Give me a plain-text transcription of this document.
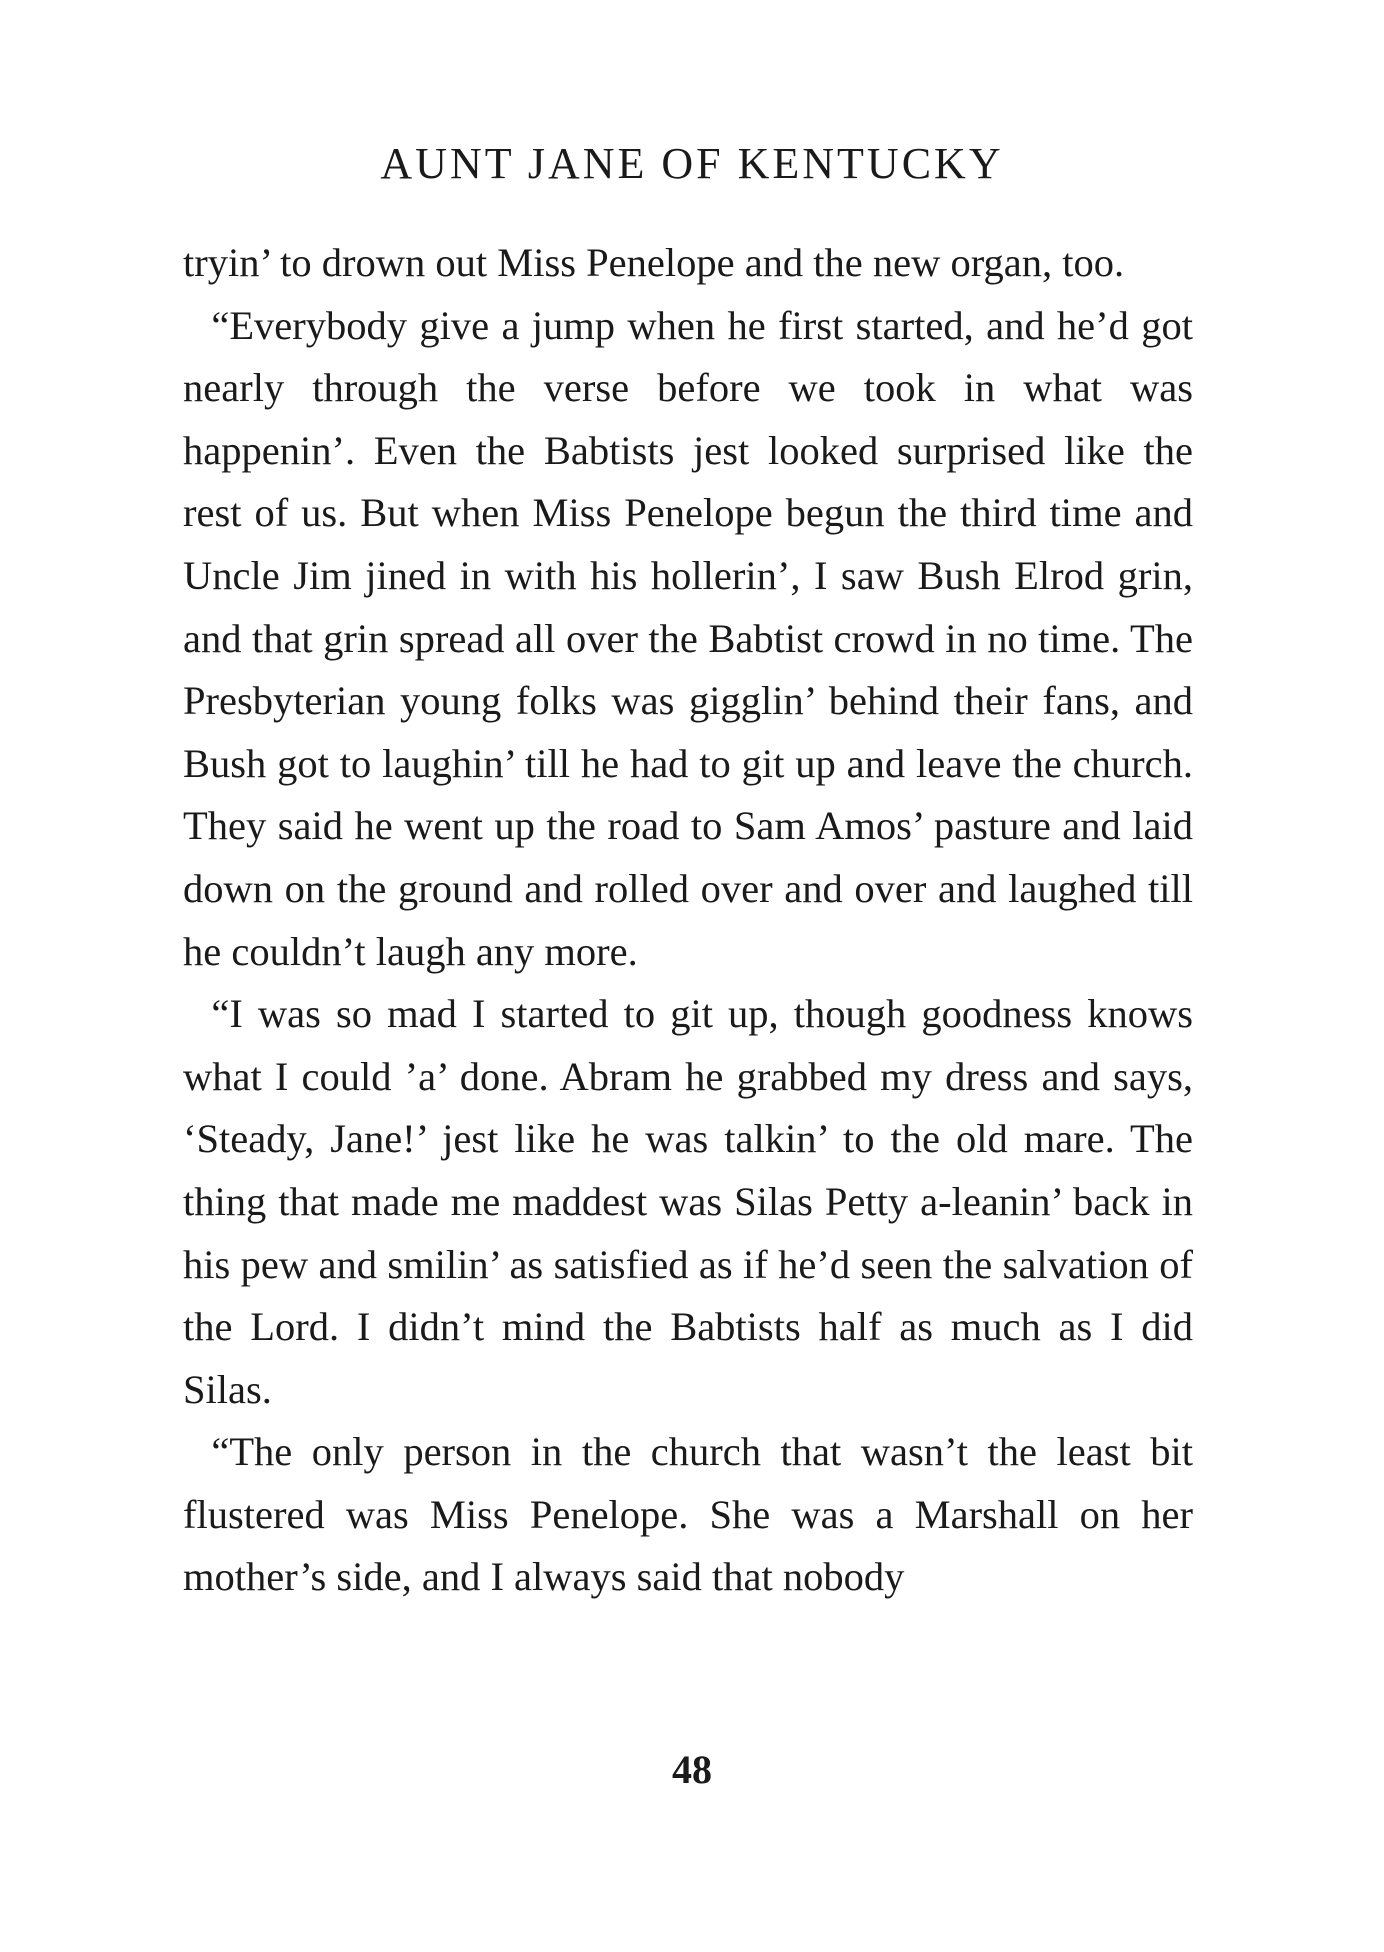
AUNT JANE OF KENTUCKY

tryin’ to drown out Miss Penelope and the new organ, too.

“Everybody give a jump when he first started, and he’d got nearly through the verse before we took in what was happenin’. Even the Babtists jest looked surprised like the rest of us. But when Miss Penelope begun the third time and Uncle Jim jined in with his hollerin’, I saw Bush Elrod grin, and that grin spread all over the Babtist crowd in no time. The Presbyterian young folks was gigglin’ behind their fans, and Bush got to laughin’ till he had to git up and leave the church. They said he went up the road to Sam Amos’ pasture and laid down on the ground and rolled over and over and laughed till he couldn’t laugh any more.

“I was so mad I started to git up, though goodness knows what I could ’a’ done. Abram he grabbed my dress and says, ‘Steady, Jane!’ jest like he was talkin’ to the old mare. The thing that made me maddest was Silas Petty a-leanin’ back in his pew and smilin’ as satisfied as if he’d seen the salvation of the Lord. I didn’t mind the Babtists half as much as I did Silas.

“The only person in the church that wasn’t the least bit flustered was Miss Penelope. She was a Marshall on her mother’s side, and I always said that nobody

48
